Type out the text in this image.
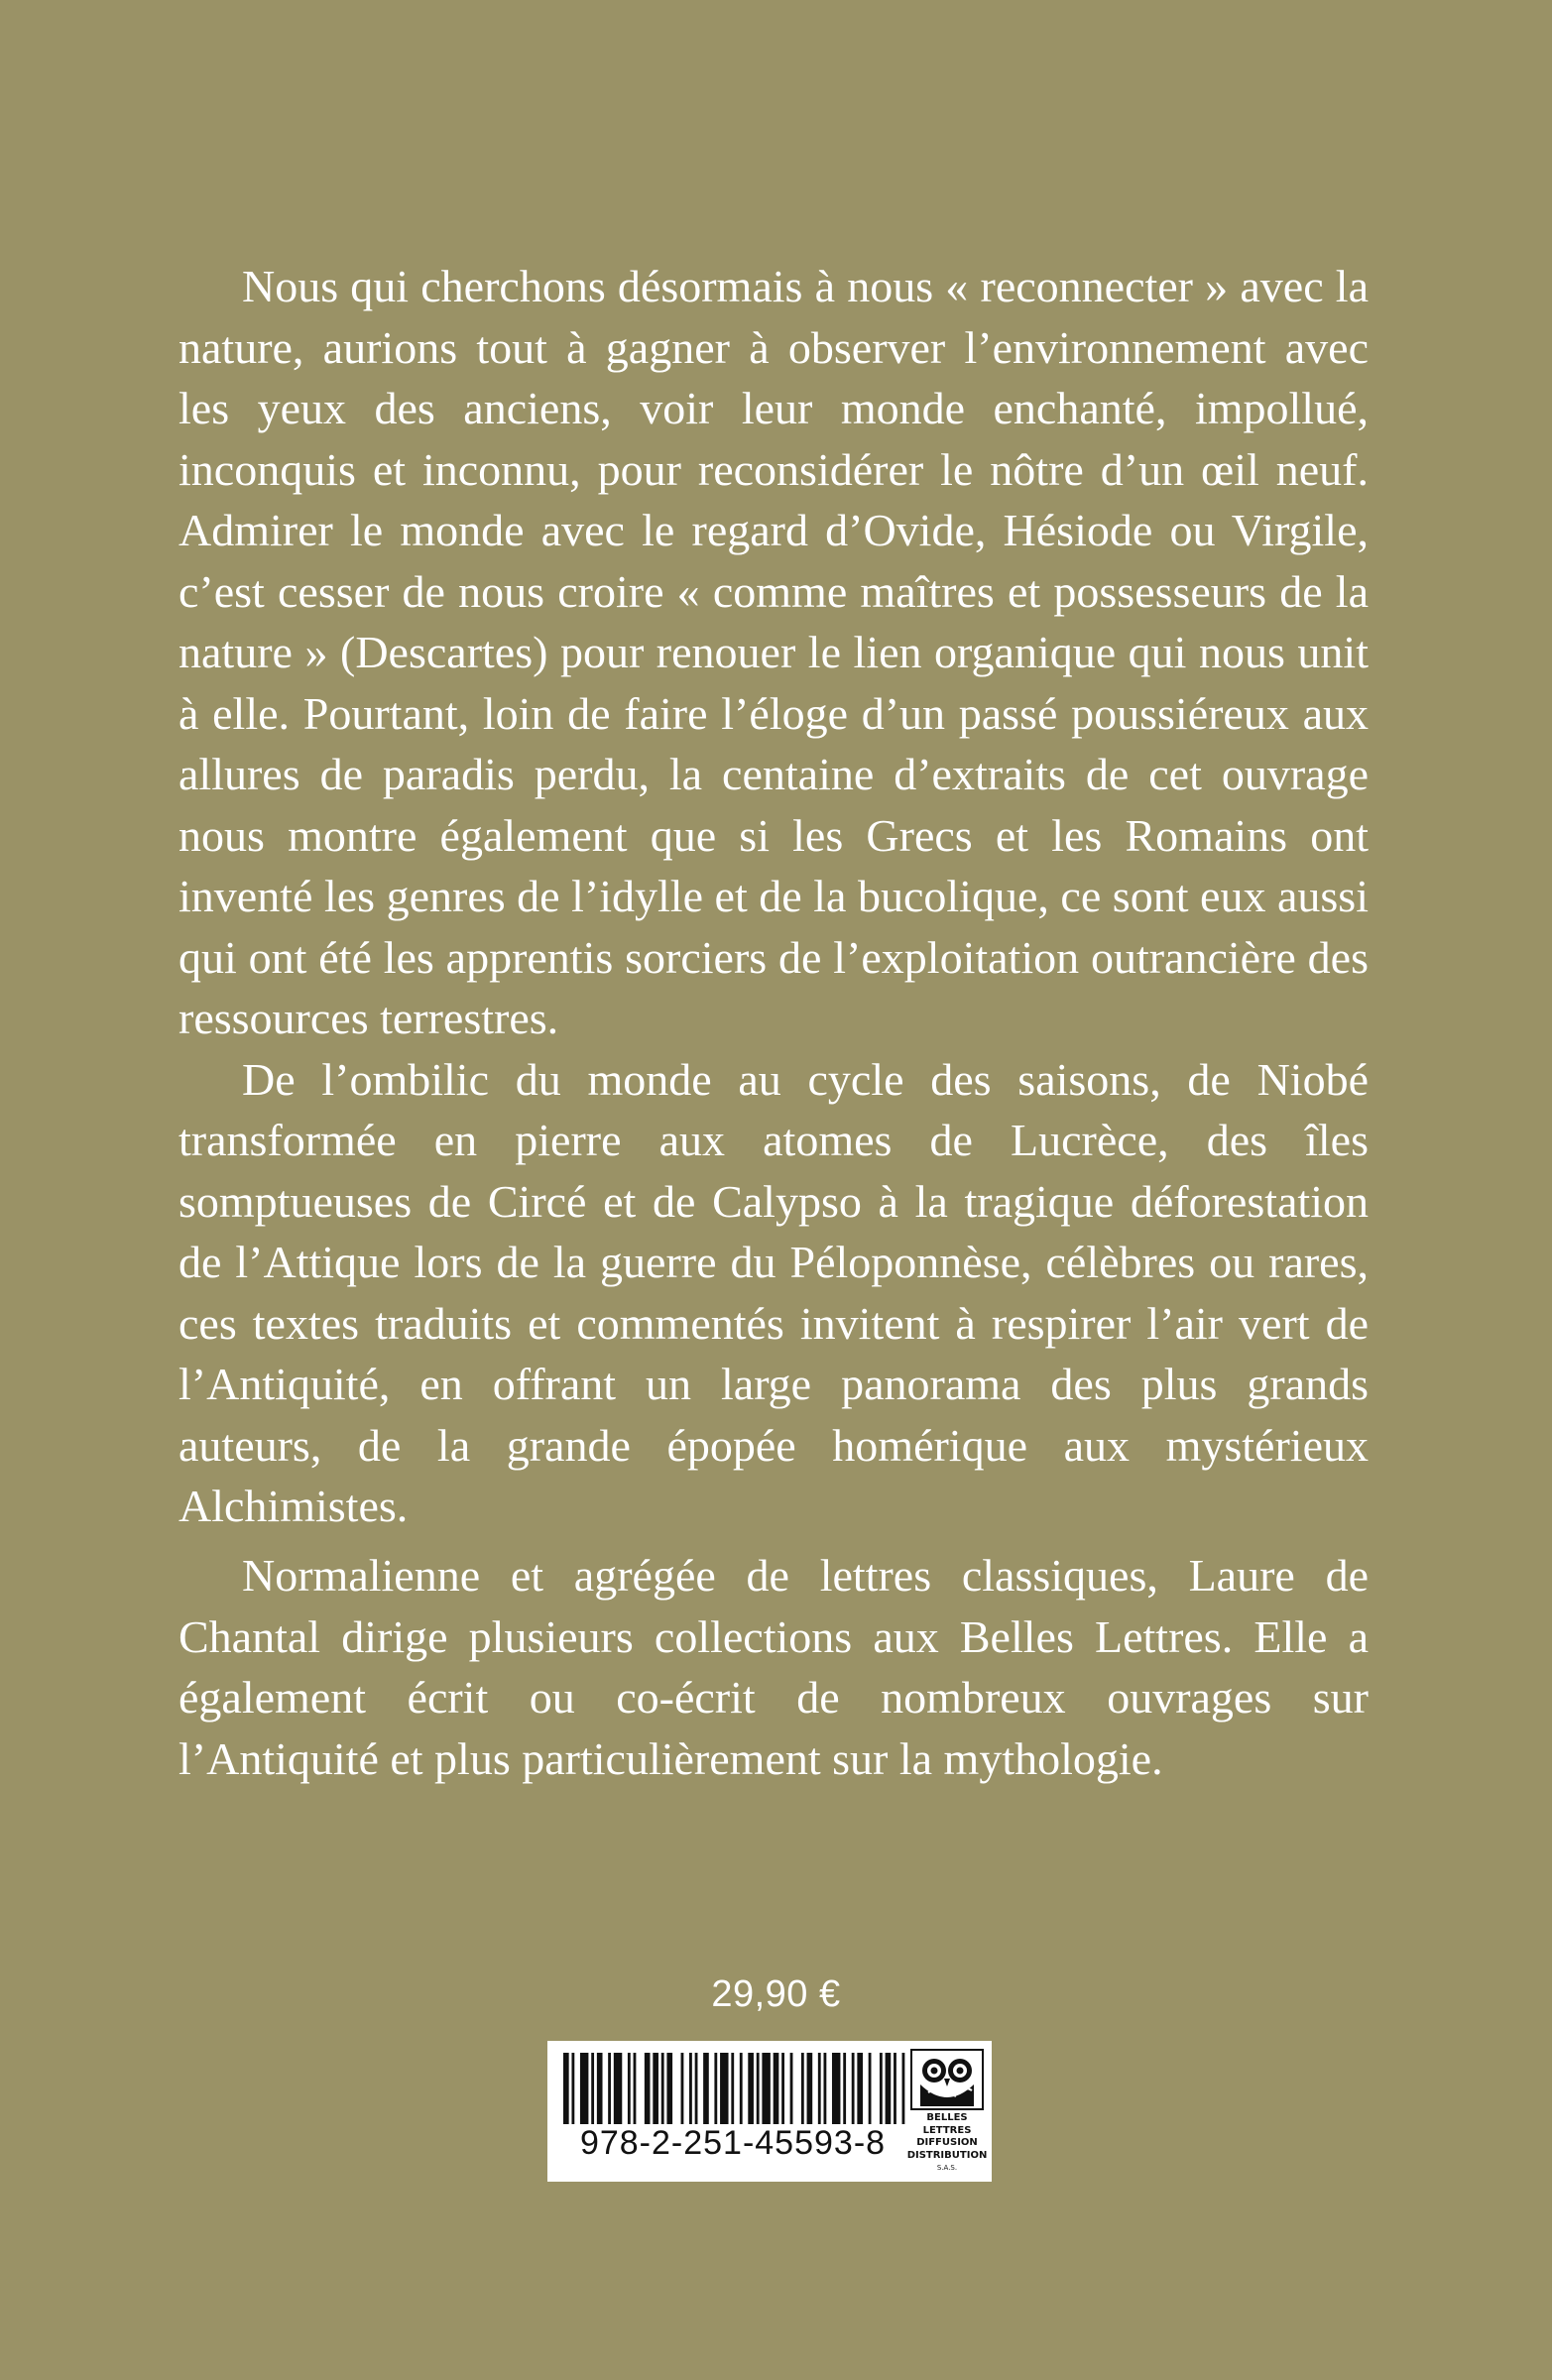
Nous qui cherchons désormais à nous « reconnecter » avec la nature, aurions tout à gagner à observer l’environnement avec les yeux des anciens, voir leur monde enchanté, impollué, inconquis et inconnu, pour reconsidérer le nôtre d’un œil neuf. Admirer le monde avec le regard d’Ovide, Hésiode ou Virgile, c’est cesser de nous croire « comme maîtres et possesseurs de la nature » (Descartes) pour renouer le lien organique qui nous unit à elle. Pourtant, loin de faire l’éloge d’un passé poussiéreux aux allures de paradis perdu, la centaine d’extraits de cet ouvrage nous montre également que si les Grecs et les Romains ont inventé les genres de l’idylle et de la bucolique, ce sont eux aussi qui ont été les apprentis sorciers de l’exploitation outrancière des ressources terrestres.

De l’ombilic du monde au cycle des saisons, de Niobé transformée en pierre aux atomes de Lucrèce, des îles somptueuses de Circé et de Calypso à la tragique déforestation de l’Attique lors de la guerre du Péloponnèse, célèbres ou rares, ces textes traduits et commentés invitent à respirer l’air vert de l’Antiquité, en offrant un large panorama des plus grands auteurs, de la grande épopée homérique aux mystérieux Alchimistes.

Normalienne et agrégée de lettres classiques, Laure de Chantal dirige plusieurs collections aux Belles Lettres. Elle a également écrit ou co-écrit de nombreux ouvrages sur l’Antiquité et plus particulièrement sur la mythologie.

29,90 €
978-2-251-45593-8
BELLES LETTRES
DIFFUSION
DISTRIBUTION
S.A.S.
